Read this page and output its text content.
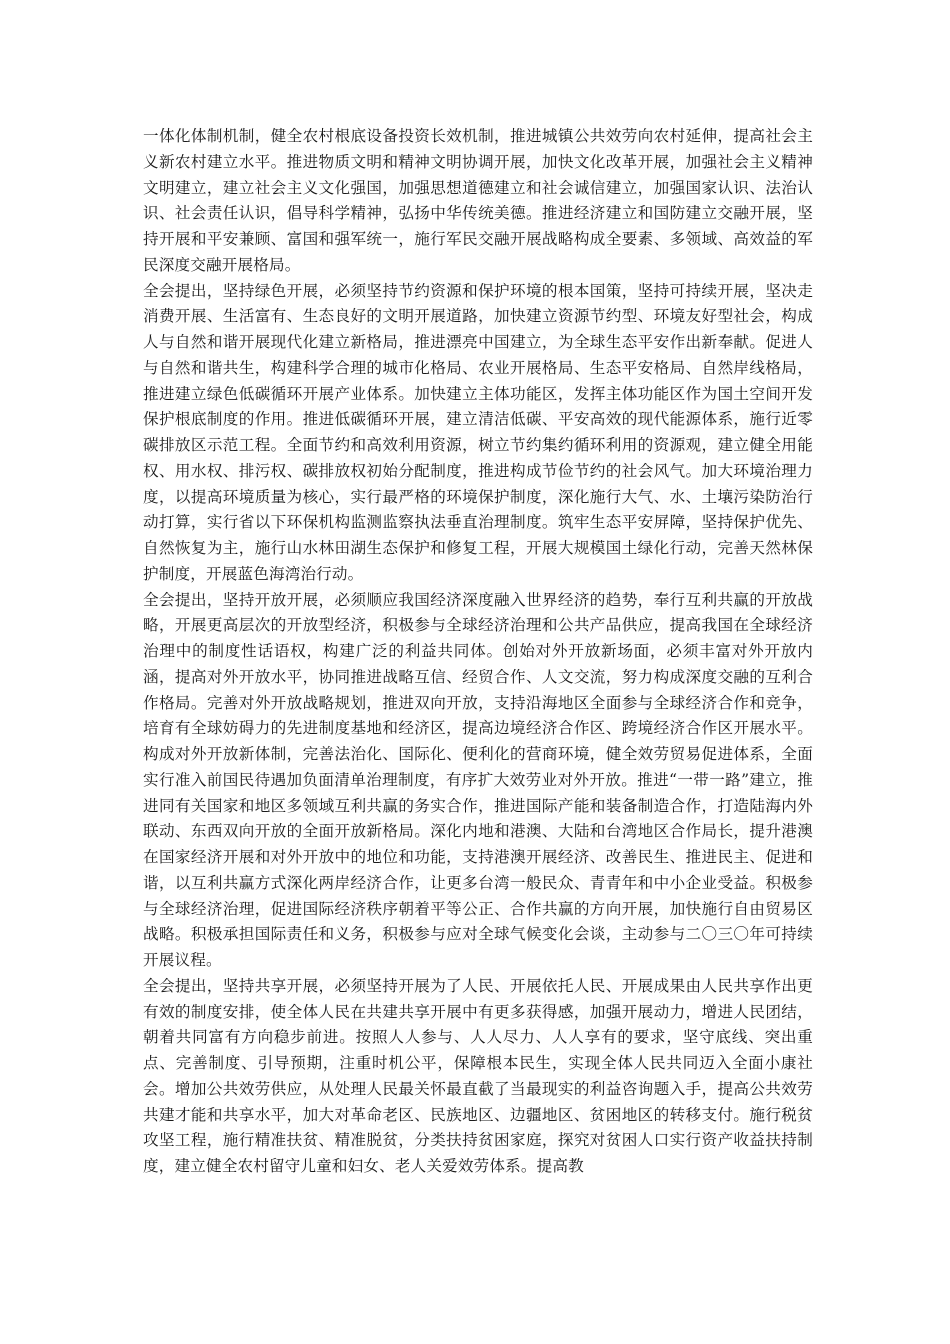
一体化体制机制，健全农村根底设备投资长效机制，推进城镇公共效劳向农村延伸，提高社会主义新农村建立水平。推进物质文明和精神文明协调开展，加快文化改革开展，加强社会主义精神文明建立，建立社会主义文化强国，加强思想道德建立和社会诚信建立，加强国家认识、法治认识、社会责任认识，倡导科学精神，弘扬中华传统美德。推进经济建立和国防建立交融开展，坚持开展和平安兼顾、富国和强军统一，施行军民交融开展战略构成全要素、多领域、高效益的军民深度交融开展格局。

全会提出，坚持绿色开展，必须坚持节约资源和保护环境的根本国策，坚持可持续开展，坚决走消费开展、生活富有、生态良好的文明开展道路，加快建立资源节约型、环境友好型社会，构成人与自然和谐开展现代化建立新格局，推进漂亮中国建立，为全球生态平安作出新奉献。促进人与自然和谐共生，构建科学合理的城市化格局、农业开展格局、生态平安格局、自然岸线格局，推进建立绿色低碳循环开展产业体系。加快建立主体功能区，发挥主体功能区作为国土空间开发保护根底制度的作用。推进低碳循环开展，建立清洁低碳、平安高效的现代能源体系，施行近零碳排放区示范工程。全面节约和高效利用资源，树立节约集约循环利用的资源观，建立健全用能权、用水权、排污权、碳排放权初始分配制度，推进构成节俭节约的社会风气。加大环境治理力度，以提高环境质量为核心，实行最严格的环境保护制度，深化施行大气、水、土壤污染防治行动打算，实行省以下环保机构监测监察执法垂直治理制度。筑牢生态平安屏障，坚持保护优先、自然恢复为主，施行山水林田湖生态保护和修复工程，开展大规模国土绿化行动，完善天然林保护制度，开展蓝色海湾治行动。

全会提出，坚持开放开展，必须顺应我国经济深度融入世界经济的趋势，奉行互利共赢的开放战略，开展更高层次的开放型经济，积极参与全球经济治理和公共产品供应，提高我国在全球经济治理中的制度性话语权，构建广泛的利益共同体。创始对外开放新场面，必须丰富对外开放内涵，提高对外开放水平，协同推进战略互信、经贸合作、人文交流，努力构成深度交融的互利合作格局。完善对外开放战略规划，推进双向开放，支持沿海地区全面参与全球经济合作和竞争，培育有全球妨碍力的先进制度基地和经济区，提高边境经济合作区、跨境经济合作区开展水平。构成对外开放新体制，完善法治化、国际化、便利化的营商环境，健全效劳贸易促进体系，全面实行准入前国民待遇加负面清单治理制度，有序扩大效劳业对外开放。推进“一带一路”建立，推进同有关国家和地区多领域互利共赢的务实合作，推进国际产能和装备制造合作，打造陆海内外联动、东西双向开放的全面开放新格局。深化内地和港澳、大陆和台湾地区合作局长，提升港澳在国家经济开展和对外开放中的地位和功能，支持港澳开展经济、改善民生、推进民主、促进和谐，以互利共赢方式深化两岸经济合作，让更多台湾一般民众、青青年和中小企业受益。积极参与全球经济治理，促进国际经济秩序朝着平等公正、合作共赢的方向开展，加快施行自由贸易区战略。积极承担国际责任和义务，积极参与应对全球气候变化会谈，主动参与二〇三〇年可持续开展议程。

全会提出，坚持共享开展，必须坚持开展为了人民、开展依托人民、开展成果由人民共享作出更有效的制度安排，使全体人民在共建共享开展中有更多获得感，加强开展动力，增进人民团结，朝着共同富有方向稳步前进。按照人人参与、人人尽力、人人享有的要求，坚守底线、突出重点、完善制度、引导预期，注重时机公平，保障根本民生，实现全体人民共同迈入全面小康社会。增加公共效劳供应，从处理人民最关怀最直截了当最现实的利益咨询题入手，提高公共效劳共建才能和共享水平，加大对革命老区、民族地区、边疆地区、贫困地区的转移支付。施行税贫攻坚工程，施行精准扶贫、精准脱贫，分类扶持贫困家庭，探究对贫困人口实行资产收益扶持制度，建立健全农村留守儿童和妇女、老人关爱效劳体系。提高教
